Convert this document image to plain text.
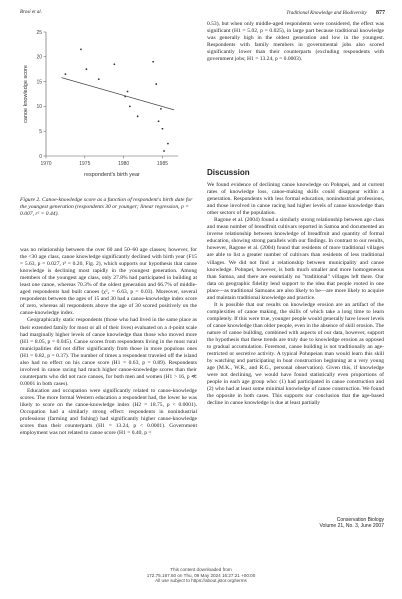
Brosi et al.	Traditional Knowledge and Biodiversity 877
1970	1975	1980	1985
0
5
10
15
20
25
canoe knowledge score
respondent's birth year
Figure 2. Canoe-knowledge score as a function of respondent's birth date for the youngest generation (respondents 30 or younger; linear regression, p = 0.007, r² = 0.44).

was no relationship between the over 60 and 50–60 age classes; however, for the <30 age class, canoe knowledge significantly declined with birth year (F15 = 5.63, p = 0.027, r² = 0.20, Fig. 2), which supports our hypothesis that canoe knowledge is declining most rapidly in the youngest generation. Among members of the youngest age class, only 27.8% had participated in building at least one canoe, whereas 70.3% of the oldest generation and 66.7% of middle-aged respondents had built canoes (χ²₂ = 6.63, p = 0.03). Moreover, several respondents between the ages of 15 and 30 had a canoe-knowledge index score of zero, whereas all respondents above the age of 30 scored positively on the canoe-knowledge index.

Geographically static respondents (those who had lived in the same place as their extended family for most or all of their lives) evaluated on a 4-point scale had marginally higher levels of canoe knowledge than those who moved more (H1 = 8.05, p = 0.045). Canoe scores from respondents living in the most rural municipalities did not differ significantly from those in more populous ones (H1 = 0.82, p = 0.37). The number of times a respondent traveled off the island also had no effect on his canoe score (H1 = 0.63, p = 0.89). Respondents involved in canoe racing had much higher canoe-knowledge scores than their counterparts who did not race canoes, for both men and women (H1 > 16, p ≪ 0.0001 in both cases).

Education and occupation were significantly related to canoe-knowledge scores. The more formal Western education a respondent had, the lower he was likely to score on the canoe-knowledge index (H2 = 18.75, p < 0.0001). Occupation had a similarly strong effect: respondents in nonindustrial professions (farming and fishing) had significantly higher canoe-knowledge scores than their counterparts (H1 = 13.24, p < 0.0001). Government employment was not related to canoe score (H1 = 0.40, p =

0.53), but when only middle-aged respondents were considered, the effect was significant (H1 = 5.02, p = 0.025), in large part because traditional knowledge was generally high in the oldest generation and low in the youngest. Respondents with family members in governmental jobs also scored significantly lower than their counterparts (excluding respondents with government jobs; H1 = 13.24, p = 0.0003).

Discussion

We found evidence of declining canoe knowledge on Pohnpei, and at current rates of knowledge loss, canoe-making skills could disappear within a generation. Respondents with less formal education, nonindustrial professions, and those involved in canoe racing had higher levels of canoe knowledge than other sectors of the population.

Ragone et al. (2004) found a similarly strong relationship between age class and mean number of breadfruit cultivars reported in Samoa and documented an inverse relationship between knowledge of breadfruit and quantity of formal education, showing strong parallels with our findings. In contrast to our results, however, Ragone et al. (2004) found that residents of more traditional villages are able to list a greater number of cultivars than residents of less traditional villages. We did not find a relationship between municipality and canoe knowledge. Pohnpei, however, is both much smaller and more homogeneous than Samoa, and there are essentially no "traditional" villages left there. Our data on geographic fidelity lend support to the idea that people rooted in one place—as traditional Samoans are also likely to be—are more likely to acquire and maintain traditional knowledge and practice.

It is possible that our results on knowledge erosion are an artifact of the complexities of canoe making, the skills of which take a long time to learn completely. If this were true, younger people would generally have lower levels of canoe knowledge than older people, even in the absence of skill erosion. The nature of canoe building, combined with aspects of our data, however, support the hypothesis that these trends are truly due to knowledge erosion as opposed to gradual accumulation. Foremost, canoe building is not traditionally an age-restricted or secretive activity. A typical Pohnpeian man would learn this skill by watching and participating in boat construction beginning at a very young age (M.K., W.R., and R.G., personal observation). Given this, if knowledge were not declining, we would have found statistically even proportions of people in each age group who: (1) had participated in canoe construction and (2) who had at least some minimal knowledge of canoe construction. We found the opposite in both cases. This supports our conclusion that the age-based decline in canoe knowledge is due at least partially

Conservation Biology
Volume 21, No. 3, June 2007
This content downloaded from
172.75.167.50 on Thu, 09 May 2024 16:27:21 +00:00
All use subject to https://about.jstor.org/terms
